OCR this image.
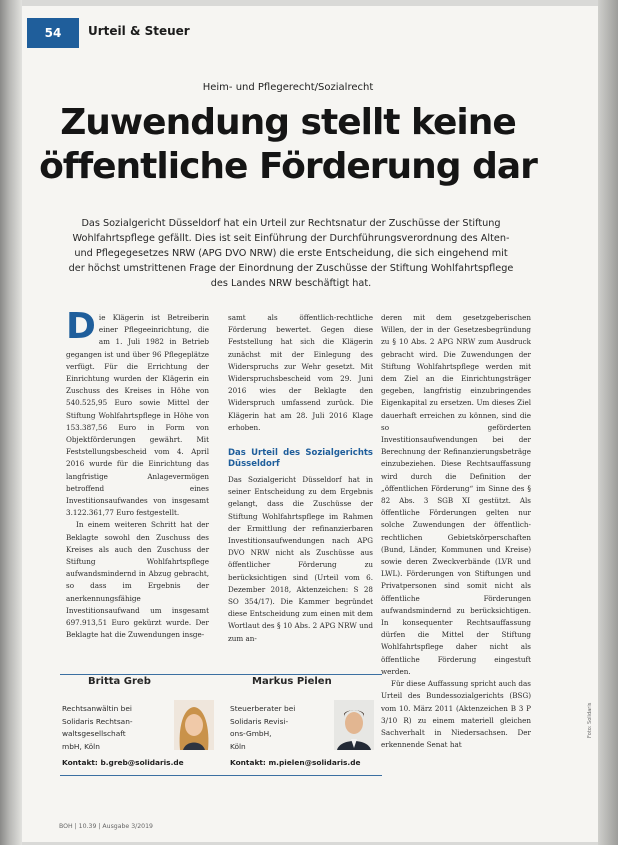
54 Urteil & Steuer
Heim- und Pflegerecht/Sozialrecht
Zuwendung stellt keine öffentliche Förderung dar
Das Sozialgericht Düsseldorf hat ein Urteil zur Rechtsnatur der Zuschüsse der Stiftung Wohlfahrtspflege gefällt. Dies ist seit Einführung der Durchführungsverordnung des Alten- und Pflegegesetzes NRW (APG DVO NRW) die erste Entscheidung, die sich eingehend mit der höchst umstrittenen Frage der Einordnung der Zuschüsse der Stiftung Wohlfahrtspflege des Landes NRW beschäftigt hat.

Die Klägerin ist Betreiberin einer Pflegeeinrichtung, die am 1. Juli 1982 in Betrieb gegangen ist und über 96 Pflegeplätze verfügt. Für die Errichtung der Einrichtung wurden der Klägerin ein Zuschuss des Kreises in Höhe von 540.525,95 Euro sowie Mittel der Stiftung Wohlfahrtspflege in Höhe von 153.387,56 Euro in Form von Objektförderungen gewährt. Mit Feststellungsbescheid vom 4. April 2016 wurde für die Einrichtung das langfristige Anlagevermögen betroffend eines Investitionsaufwandes von insgesamt 3.122.361,77 Euro festgestellt.

In einem weiteren Schritt hat der Beklagte sowohl den Zuschuss des Kreises als auch den Zuschuss der Stiftung Wohlfahrtspflege aufwandsmindernd in Abzug gebracht, so dass im Ergebnis der anerkennungsfähige Investitionsaufwand um insgesamt 697.913,51 Euro gekürzt wurde. Der Beklagte hat die Zuwendungen insge-

samt als öffentlich-rechtliche Förderung bewertet. Gegen diese Feststellung hat sich die Klägerin zunächst mit der Einlegung des Widerspruchs zur Wehr gesetzt. Mit Widerspruchsbescheid vom 29. Juni 2016 wies der Beklagte den Widerspruch umfassend zurück. Die Klägerin hat am 28. Juli 2016 Klage erhoben.

Das Urteil des Sozialgerichts Düsseldorf

Das Sozialgericht Düsseldorf hat in seiner Entscheidung zu dem Ergebnis gelangt, dass die Zuschüsse der Stiftung Wohlfahrtspflege im Rahmen der Ermittlung der refinanzierbaren Investitionsaufwendungen nach APG DVO NRW nicht als Zuschüsse aus öffentlicher Förderung zu berücksichtigen sind (Urteil vom 6. Dezember 2018, Aktenzeichen: S 28 SO 354/17). Die Kammer begründet diese Entscheidung zum einen mit dem Wortlaut des § 10 Abs. 2 APG NRW und zum an-

deren mit dem gesetzgeberischen Willen, der in der Gesetzesbegründung zu § 10 Abs. 2 APG NRW zum Ausdruck gebracht wird. Die Zuwendungen der Stiftung Wohlfahrtspflege werden mit dem Ziel an die Einrichtungsträger gegeben, langfristig einzubringendes Eigenkapital zu ersetzen. Um dieses Ziel dauerhaft erreichen zu können, sind die so geförderten Investitionsaufwendungen bei der Berechnung der Refinanzierungsbeträge einzubeziehen. Diese Rechtsauffassung wird durch die Definition der „öffentlichen Förderung“ im Sinne des § 82 Abs. 3 SGB XI gestützt. Als öffentliche Förderungen gelten nur solche Zuwendungen der öffentlich-rechtlichen Gebietskörperschaften (Bund, Länder, Kommunen und Kreise) sowie deren Zweckverbände (LVR und LWL). Förderungen von Stiftungen und Privatpersonen sind somit nicht als öffentliche Förderungen aufwandsmindernd zu berücksichtigen. In konsequenter Rechtsauffassung dürfen die Mittel der Stiftung Wohlfahrtspflege daher nicht als öffentliche Förderung eingestuft werden.

Für diese Auffassung spricht auch das Urteil des Bundessozialgerichts (BSG) vom 10. März 2011 (Aktenzeichen B 3 P 3/10 R) zu einem materiell gleichen Sachverhalt in Niedersachsen. Der erkennende Senat hat

Britta Greb
Rechtsanwältin bei
Solidaris Rechtsan-
waltsgesellschaft
mbH, Köln
Kontakt: b.greb@solidaris.de
Markus Pielen
Steuerberater bei
Solidaris Revisi-
ons-GmbH,
Köln
Kontakt: m.pielen@solidaris.de
BOH | 10.39 | Ausgabe 3/2019
Foto: Solidaris
